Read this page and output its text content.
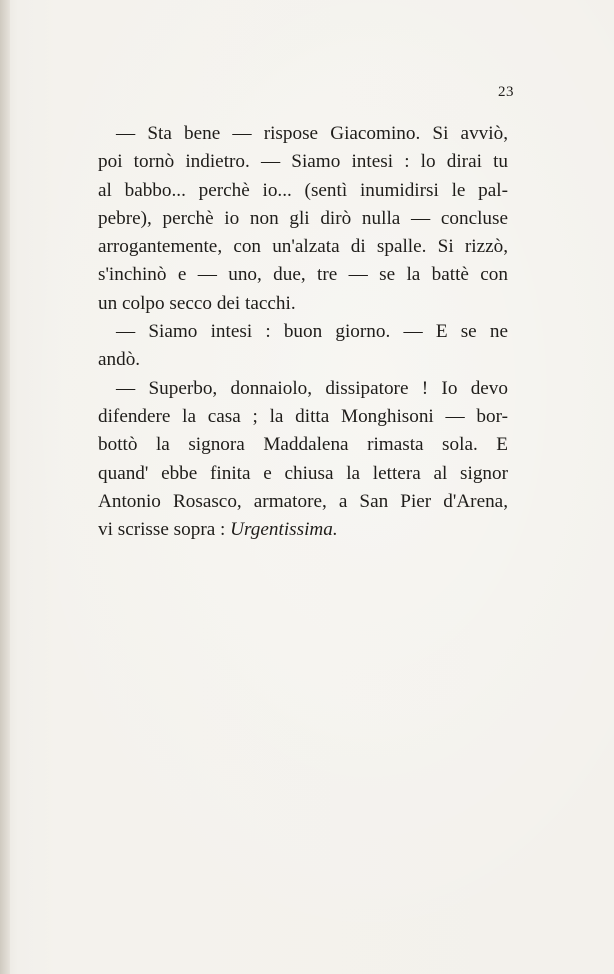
23
— Sta bene — rispose Giacomino. Si avviò,
poi tornò indietro. — Siamo intesi : lo dirai tu
al babbo... perchè io... (sentì inumidirsi le pal-
pebre), perchè io non gli dirò nulla — concluse
arrogantemente, con un'alzata di spalle. Si rizzò,
s'inchinò e — uno, due, tre — se la battè con
un colpo secco dei tacchi.
— Siamo intesi : buon giorno. — E se ne
andò.
— Superbo, donnaiolo, dissipatore ! Io devo
difendere la casa ; la ditta Monghisoni — bor-
bottò la signora Maddalena rimasta sola. E
quand' ebbe finita e chiusa la lettera al signor
Antonio Rosasco, armatore, a San Pier d'Arena,
vi scrisse sopra : Urgentissima.
